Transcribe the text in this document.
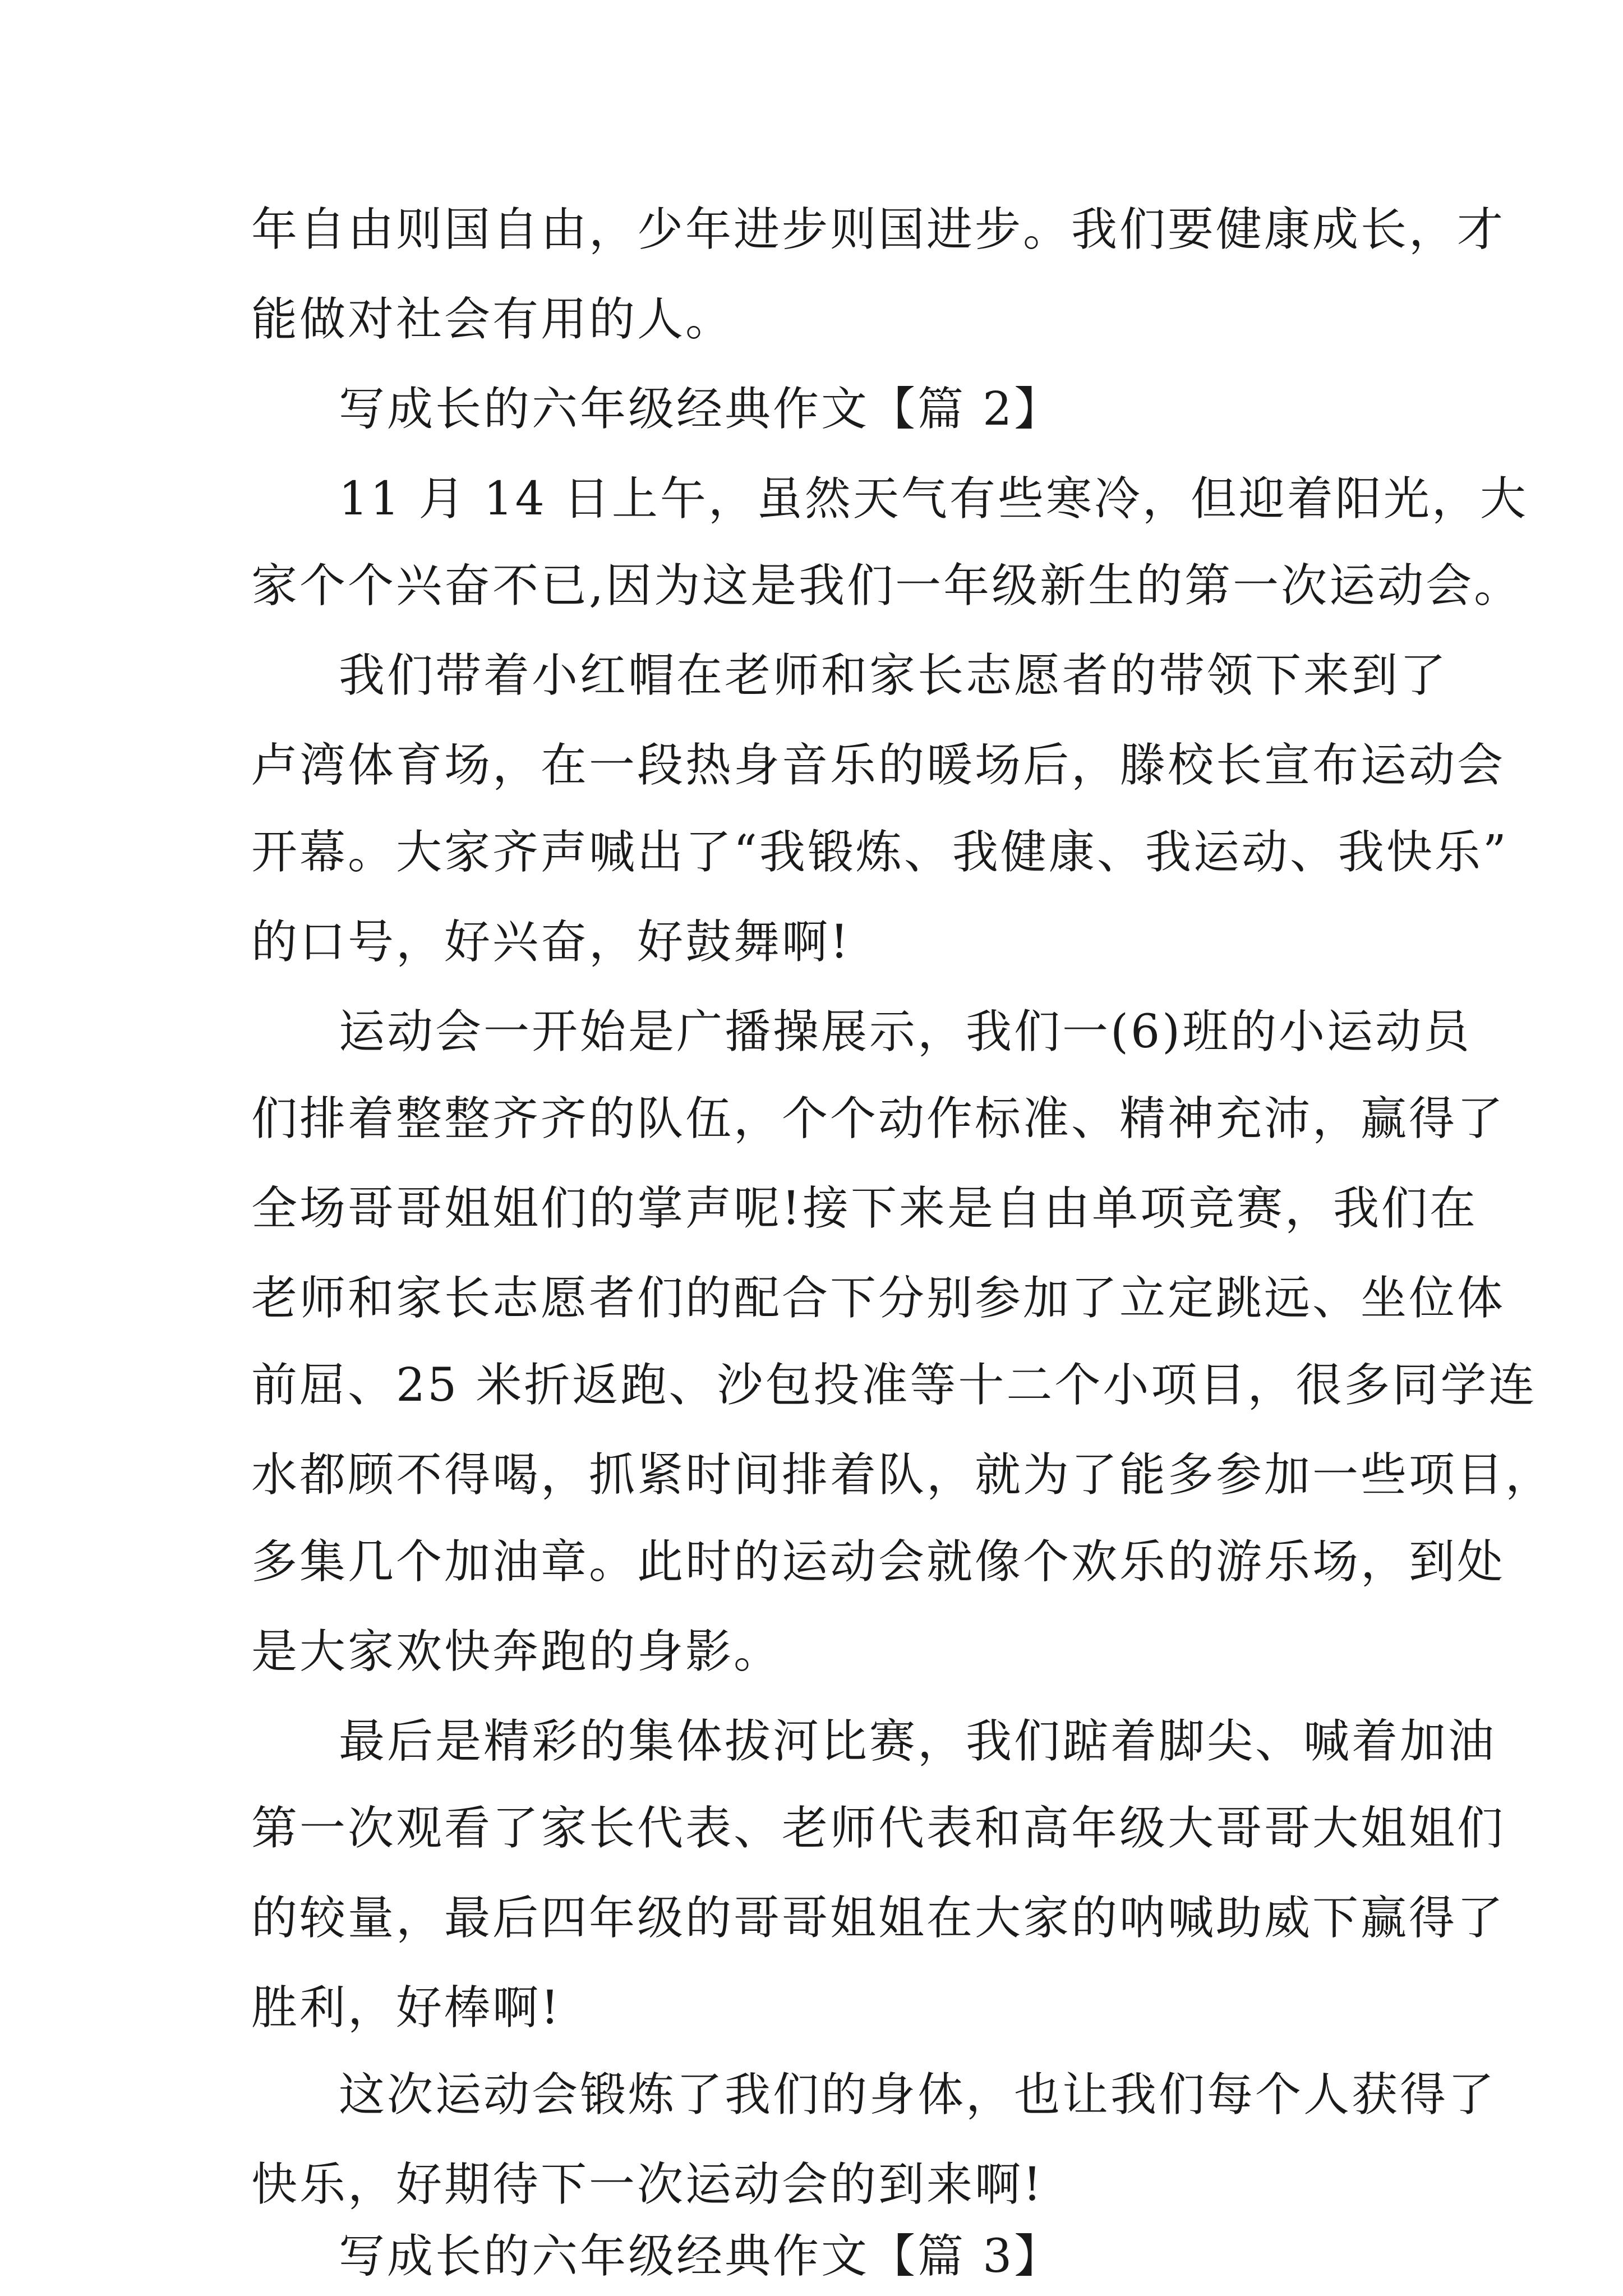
年自由则国自由，少年进步则国进步。我们要健康成长，才
能做对社会有用的人。
写成长的六年级经典作文【篇 2】
11 月 14 日上午，虽然天气有些寒冷，但迎着阳光，大
家个个兴奋不已,因为这是我们一年级新生的第一次运动会。
我们带着小红帽在老师和家长志愿者的带领下来到了
卢湾体育场，在一段热身音乐的暖场后，滕校长宣布运动会
开幕。大家齐声喊出了“我锻炼、我健康、我运动、我快乐”
的口号，好兴奋，好鼓舞啊!
运动会一开始是广播操展示，我们一(6)班的小运动员
们排着整整齐齐的队伍，个个动作标准、精神充沛，赢得了
全场哥哥姐姐们的掌声呢!接下来是自由单项竞赛，我们在
老师和家长志愿者们的配合下分别参加了立定跳远、坐位体
前屈、25 米折返跑、沙包投准等十二个小项目，很多同学连
水都顾不得喝，抓紧时间排着队，就为了能多参加一些项目，
多集几个加油章。此时的运动会就像个欢乐的游乐场，到处
是大家欢快奔跑的身影。
最后是精彩的集体拔河比赛，我们踮着脚尖、喊着加油
第一次观看了家长代表、老师代表和高年级大哥哥大姐姐们
的较量，最后四年级的哥哥姐姐在大家的呐喊助威下赢得了
胜利，好棒啊!
这次运动会锻炼了我们的身体，也让我们每个人获得了
快乐，好期待下一次运动会的到来啊!
写成长的六年级经典作文【篇 3】
